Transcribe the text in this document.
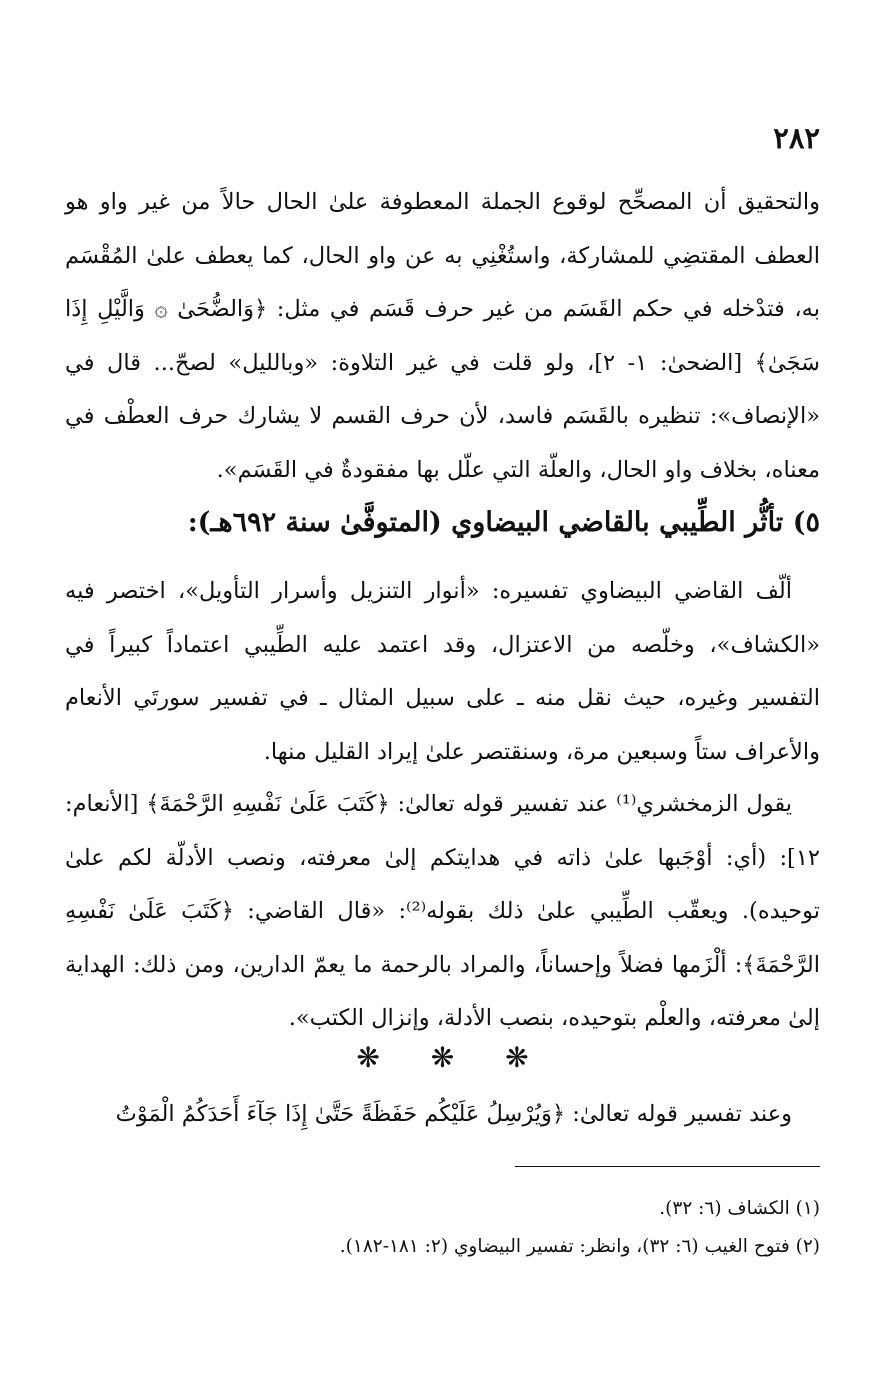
٢٨٢

والتحقيق أن المصحِّح لوقوع الجملة المعطوفة علىٰ الحال حالاً من غير واو هو العطف المقتضِي للمشاركة، واستُغْنِي به عن واو الحال، كما يعطف علىٰ المُقْسَم به، فتدْخله في حكم القَسَم من غير حرف قَسَم في مثل: ﴿وَالضُّحَىٰ ۞ وَالَّيْلِ إِذَا سَجَىٰ﴾ [الضحىٰ: ١- ٢]، ولو قلت في غير التلاوة: «وبالليل» لصحّ... قال في «الإنصاف»: تنظيره بالقَسَم فاسد، لأن حرف القسم لا يشارك حرف العطْف في معناه، بخلاف واو الحال، والعلّة التي علّل بها مفقودةٌ في القَسَم».

٥) تأثُّر الطِّيبي بالقاضي البيضاوي (المتوفَّىٰ سنة ٦٩٢هـ):

ألّف القاضي البيضاوي تفسيره: «أنوار التنزيل وأسرار التأويل»، اختصر فيه «الكشاف»، وخلّصه من الاعتزال، وقد اعتمد عليه الطِّيبي اعتماداً كبيراً في التفسير وغيره، حيث نقل منه ـ على سبيل المثال ـ في تفسير سورتَي الأنعام والأعراف ستاً وسبعين مرة، وسنقتصر علىٰ إيراد القليل منها.

يقول الزمخشري⁽¹⁾ عند تفسير قوله تعالىٰ: ﴿كَتَبَ عَلَىٰ نَفْسِهِ الرَّحْمَةَ﴾ [الأنعام: ١٢]: (أي: أوْجَبها علىٰ ذاته في هدايتكم إلىٰ معرفته، ونصب الأدلّة لكم علىٰ توحيده). ويعقّب الطِّيبي علىٰ ذلك بقوله⁽²⁾: «قال القاضي: ﴿كَتَبَ عَلَىٰ نَفْسِهِ الرَّحْمَةَ﴾: ألْزَمها فضلاً وإحساناً، والمراد بالرحمة ما يعمّ الدارين، ومن ذلك: الهداية إلىٰ معرفته، والعلْم بتوحيده، بنصب الأدلة، وإنزال الكتب».

❋ ❋ ❋

وعند تفسير قوله تعالىٰ: ﴿وَيُرْسِلُ عَلَيْكُم حَفَظَةً حَتَّىٰ إِذَا جَآءَ أَحَدَكُمُ الْمَوْتُ

(١) الكشاف (٦: ٣٢).
(٢) فتوح الغيب (٦: ٣٢)، وانظر: تفسير البيضاوي (٢: ١٨١-١٨٢).
